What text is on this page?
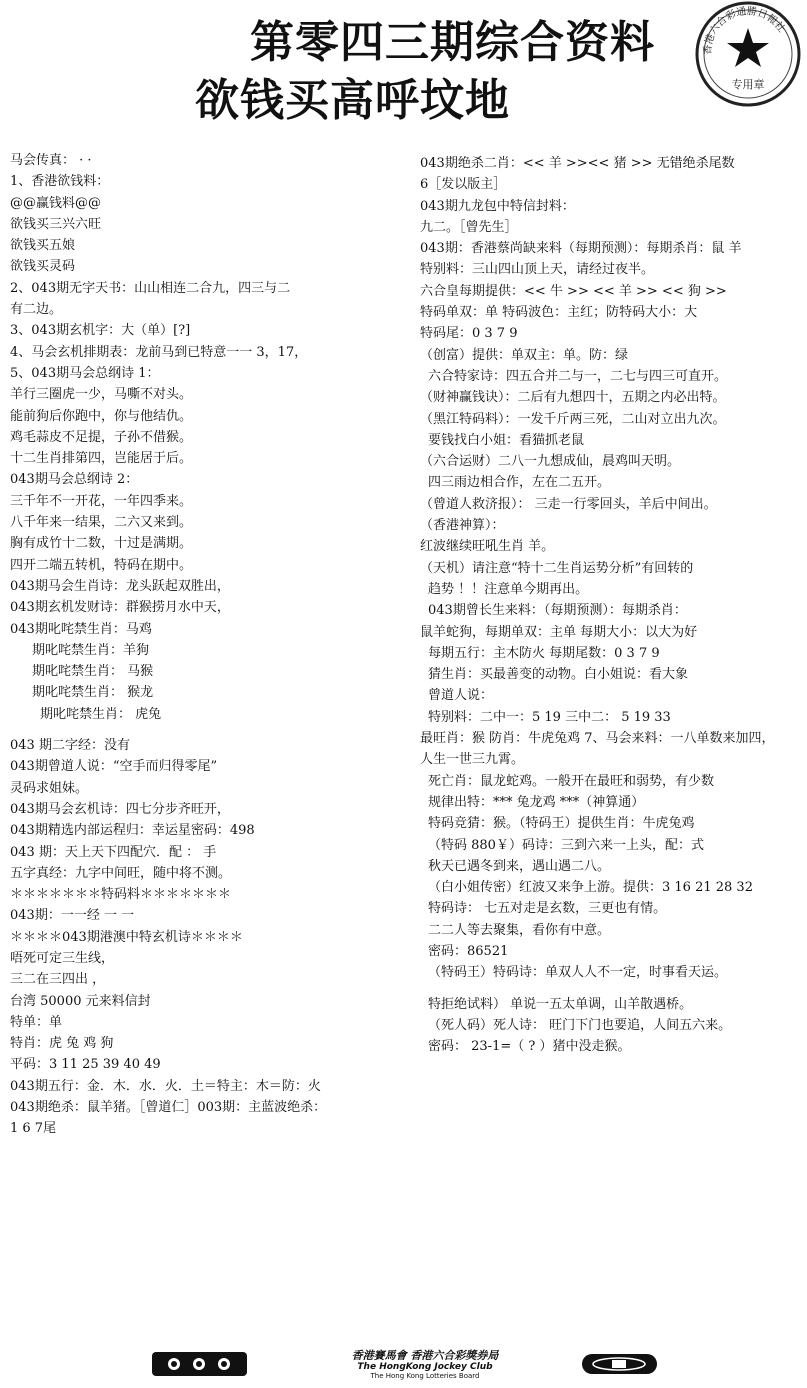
第零四三期综合资料
欲钱买高呼坟地
香港六合彩通勝日報社
专用章
马会传真： · ·
1、香港欲钱料：
@@赢钱料@@
欲钱买三兴六旺
欲钱买五娘
欲钱买灵码
2、043期无字天书：山山相连二合九，四三与二
有二边。
3、043期玄机字：大（单）[?]
4、马会玄机排期表：龙前马到已特意一一 3，17，
5、043期马会总纲诗 1：
羊行三圈虎一少，马嘶不对头。
能前狗后你跑中，你与他结仇。
鸡毛蒜皮不足提，子孙不借猴。
十二生肖排第四，岂能居于后。
043期马会总纲诗 2：
三千年不一开花，一年四季来。
八千年来一结果，二六又来到。
胸有成竹十二数，十过是满期。
四开二端五转机，特码在期中。
043期马会生肖诗：龙头跃起双胜出，
043期玄机发财诗：群猴捞月水中天，
043期叱咤禁生肖：马鸡
期叱咤禁生肖：羊狗
期叱咤禁生肖： 马猴
期叱咤禁生肖： 猴龙
期叱咤禁生肖： 虎兔
043 期二字经：没有
043期曾道人说：“空手而归得零尾”
灵码求姐妹。
043期马会玄机诗：四七分步齐旺开，
043期精选内部运程归：幸运星密码：498
043 期：天上天下四配穴．配 ： 手
五字真经：九字中间旺，随中将不测。
＊＊＊＊＊＊＊特码料＊＊＊＊＊＊＊
043期：一一经 一 一
＊＊＊＊043期港澳中特玄机诗＊＊＊＊
唔死可定三生线，
三二在三四出 ，
台湾 50000 元来料信封
特单：单
特肖：虎 兔 鸡 狗
平码：3 11 25 39 40 49
043期五行：金．木．水．火．土＝特主：木＝防：火
043期绝杀：鼠羊猪。［曾道仁］003期：主蓝波绝杀：
1 6 7尾
043期绝杀二肖：<< 羊 >><< 猪 >> 无错绝杀尾数
6［发以版主］
043期九龙包中特信封料：
九二。［曾先生］
043期：香港蔡尚缺来料（每期预测）：每期杀肖：鼠 羊
特别料：三山四山顶上天，请经过夜半。
六合皇每期提供：<< 牛 >> << 羊 >> << 狗 >>
特码单双：单 特码波色：主红；防特码大小：大
特码尾：0 3 7 9
（创富）提供：单双主：单。防：绿
六合特家诗：四五合并二与一，二七与四三可直开。
（财神赢钱诀）：二后有九想四十，五期之内必出特。
（黑江特码料）：一发千斤两三死，二山对立出九次。
要钱找白小姐：看猫抓老鼠
（六合运财）二八一九想成仙，晨鸡叫天明。
四三雨边相合作，左在二五开。
（曾道人救济报）： 三走一行零回头，羊后中间出。
（香港神算）：
红波继续旺吼生肖 羊。
（天机）请注意“特十二生肖运势分析”有回转的
趋势 ！！注意单今期再出。
043期曾长生来料：（每期预测）：每期杀肖：
鼠羊蛇狗，每期单双：主单 每期大小：以大为好
每期五行：主木防火 每期尾数：0 3 7 9
猜生肖：买最善变的动物。白小姐说：看大象
曾道人说：
特别料：二中一：5 19 三中二： 5 19 33
最旺肖：猴 防肖：牛虎兔鸡 7、马会来料：一八单数来加四，
人生一世三九霄。
死亡肖：鼠龙蛇鸡。一般开在最旺和弱势，有少数
规律出特：*** 兔龙鸡 ***（神算通）
特码竞猜：猴。（特码王）提供生肖：牛虎兔鸡
（特码 880￥）码诗：三到六来一上头，配：式
秋天已遇冬到来，遇山遇二八。
（白小姐传密）红波又来争上游。提供：3 16 21 28 32
特码诗： 七五对走是玄数，三更也有情。
二二人等去聚集，看你有中意。
密码：86521
（特码王）特码诗：单双人人不一定，时事看天运。
特拒绝试料） 单说一五太单调，山羊散遇桥。
（死人码）死人诗： 旺门下门也要追，人间五六来。
密码： 23-1=（ ? ）猪中没走猴。
香港賽馬會 香港六合彩獎券局
The HongKong Jockey Club
The Hong Kong Lotteries Board
